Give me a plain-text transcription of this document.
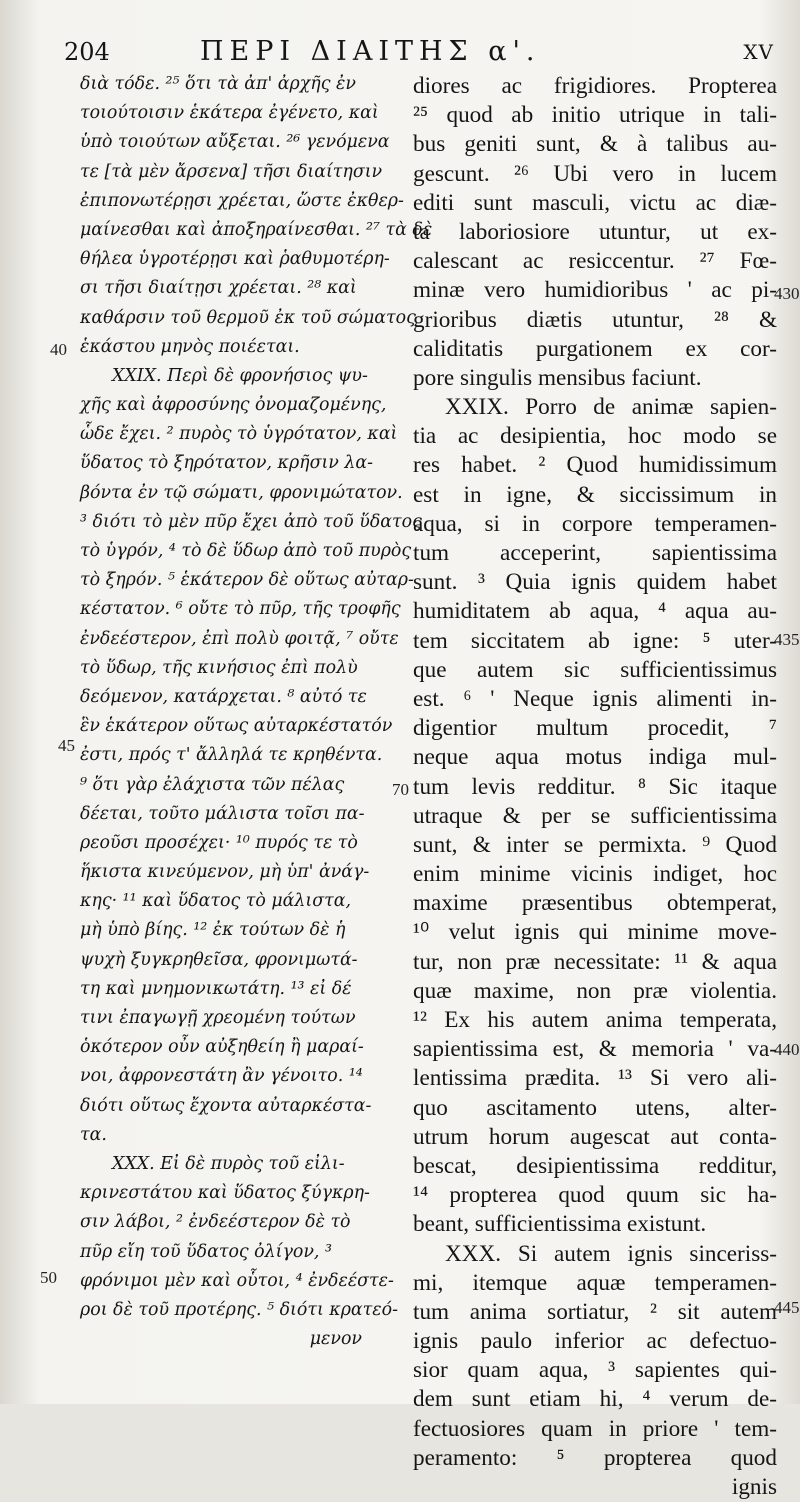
204	ΠΕΡΙ ΔΙΑΙΤΗΣ α'.	XV
διὰ τόδε. ²⁵ ὅτι τὰ ἀπ' ἀρχῆς ἐν
τοιούτοισιν ἑκάτερα ἐγένετο, καὶ
ὑπὸ τοιούτων αὔξεται. ²⁶ γενόμενα
τε [τὰ μὲν ἄρσενα] τῆσι διαίτησιν
ἐπιπονωτέρῃσι χρέεται, ὥστε ἐκθερ-
μαίνεσθαι καὶ ἀποξηραίνεσθαι. ²⁷ τὰ δὲ
θήλεα ὑγροτέρῃσι καὶ ῥαθυμοτέρη-
σι τῆσι διαίτῃσι χρέεται. ²⁸ καὶ
καθάρσιν τοῦ θερμοῦ ἐκ τοῦ σώματος
ἑκάστου μηνὸς ποιέεται.
XXIX. Περὶ δὲ φρονήσιος ψυ-
χῆς καὶ ἀφροσύνης ὀνομαζομένης,
ὧδε ἔχει. ² πυρὸς τὸ ὑγρότατον, καὶ
ὕδατος τὸ ξηρότατον, κρῆσιν λα-
βόντα ἐν τῷ σώματι, φρονιμώτατον.
³ διότι τὸ μὲν πῦρ ἔχει ἀπὸ τοῦ ὕδατος
τὸ ὑγρόν, ⁴ τὸ δὲ ὕδωρ ἀπὸ τοῦ πυρὸς
τὸ ξηρόν. ⁵ ἑκάτερον δὲ οὕτως αὐταρ-
κέστατον. ⁶ οὔτε τὸ πῦρ, τῆς τροφῆς
ἐνδεέστερον, ἐπὶ πολὺ φοιτᾷ, ⁷ οὔτε
τὸ ὕδωρ, τῆς κινήσιος ἐπὶ πολὺ
δεόμενον, κατάρχεται. ⁸ αὐτό τε
ἓν ἑκάτερον οὕτως αὐταρκέστατόν
ἐστι, πρός τ' ἄλληλά τε κρηθέντα.
⁹ ὅτι γὰρ ἐλάχιστα τῶν πέλας
δέεται, τοῦτο μάλιστα τοῖσι πα-
ρεοῦσι προσέχει· ¹⁰ πυρός τε τὸ
ἥκιστα κινεύμενον, μὴ ὑπ' ἀνάγ-
κης· ¹¹ καὶ ὕδατος τὸ μάλιστα,
μὴ ὑπὸ βίης. ¹² ἐκ τούτων δὲ ἡ
ψυχὴ ξυγκρηθεῖσα, φρονιμωτά-
τη καὶ μνημονικωτάτη. ¹³ εἰ δέ
τινι ἐπαγωγῇ χρεομένη τούτων
ὁκότερον οὖν αὐξηθείη ἢ μαραί-
νοι, ἀφρονεστάτη ἂν γένοιτο. ¹⁴
διότι οὕτως ἔχοντα αὐταρκέστα-
τα.
XXX. Εἰ δὲ πυρὸς τοῦ εἰλι-
κρινεστάτου καὶ ὕδατος ξύγκρη-
σιν λάβοι, ² ἐνδεέστερον δὲ τὸ
πῦρ εἴη τοῦ ὕδατος ὀλίγον, ³
φρόνιμοι μὲν καὶ οὗτοι, ⁴ ἐνδεέστε-
ροι δὲ τοῦ προτέρης. ⁵ διότι κρατεό-
μενον
diores ac frigidiores. Propterea
²⁵ quod ab initio utrique in tali-
bus geniti sunt, & à talibus au-
gescunt. ²⁶ Ubi vero in lucem
editi sunt masculi, victu ac diæ-
ta laboriosiore utuntur, ut ex-
calescant ac resiccentur. ²⁷ Fœ-
minæ vero humidioribus ' ac pi-
grioribus diætis utuntur, ²⁸ &
caliditatis purgationem ex cor-
pore singulis mensibus faciunt.
XXIX. Porro de animæ sapien-
tia ac desipientia, hoc modo se
res habet. ² Quod humidissimum
est in igne, & siccissimum in
aqua, si in corpore temperamen-
tum acceperint, sapientissima
sunt. ³ Quia ignis quidem habet
humiditatem ab aqua, ⁴ aqua au-
tem siccitatem ab igne: ⁵ uter-
que autem sic sufficientissimus
est. ⁶ ' Neque ignis alimenti in-
digentior multum procedit, ⁷
neque aqua motus indiga mul-
tum levis redditur. ⁸ Sic itaque
utraque & per se sufficientissima
sunt, & inter se permixta. ⁹ Quod
enim minime vicinis indiget, hoc
maxime præsentibus obtemperat,
¹⁰ velut ignis qui minime move-
tur, non præ necessitate: ¹¹ & aqua
quæ maxime, non præ violentia.
¹² Ex his autem anima temperata,
sapientissima est, & memoria ' va-
lentissima prædita. ¹³ Si vero ali-
quo ascitamento utens, alter-
utrum horum augescat aut conta-
bescat, desipientissima redditur,
¹⁴ propterea quod quum sic ha-
beant, sufficientissima existunt.
XXX. Si autem ignis sinceriss-
mi, itemque aquæ temperamen-
tum anima sortiatur, ² sit autem
ignis paulo inferior ac defectuo-
sior quam aqua, ³ sapientes qui-
dem sunt etiam hi, ⁴ verum de-
fectuosiores quam in priore ' tem-
peramento: ⁵ propterea quod
ignis
430
40
435
45
70
440
50
445
